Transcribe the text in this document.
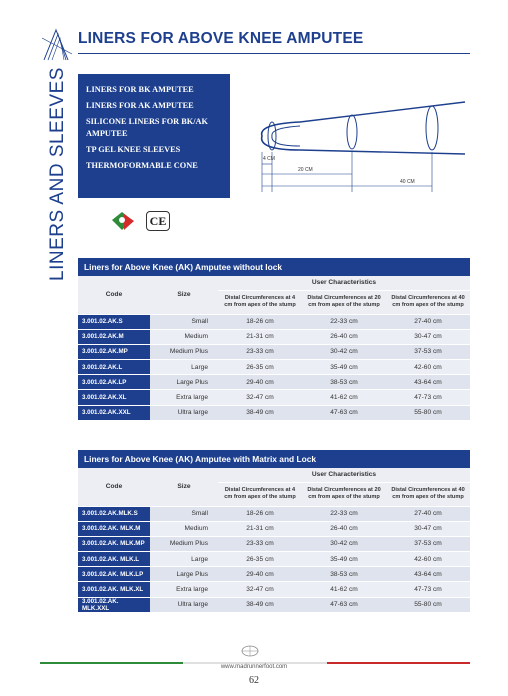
LINERS FOR ABOVE KNEE AMPUTEE
LINERS AND SLEEVES LINERS FOR BK AMPUTEE
LINERS FOR AK AMPUTEE
SILICONE LINERS FOR BK/AK AMPUTEE
TP GEL KNEE SLEEVES
THERMOFORMABLE CONE
4 CM
20 CM
40 CM
CE
Liners for Above Knee (AK) Amputee without lock
Code	Size	User Characteristics		
		Distal Circumferences at 4 cm from apex of the stump	Distal Circumferences at 20 cm from apex of the stump	Distal Circumferences at 40 cm from apex of the stump
3.001.02.AK.S	Small	18-26 cm	22-33 cm	27-40 cm
3.001.02.AK.M	Medium	21-31 cm	26-40 cm	30-47 cm
3.001.02.AK.MP	Medium Plus	23-33 cm	30-42 cm	37-53 cm
3.001.02.AK.L	Large	26-35 cm	35-49 cm	42-60 cm
3.001.02.AK.LP	Large Plus	29-40 cm	38-53 cm	43-64 cm
3.001.02.AK.XL	Extra large	32-47 cm	41-62 cm	47-73 cm
3.001.02.AK.XXL	Ultra large	38-49 cm	47-63 cm	55-80 cm
Liners for Above Knee (AK) Amputee with Matrix and Lock
Code	Size	User Characteristics		
		Distal Circumferences at 4 cm from apex of the stump	Distal Circumferences at 20 cm from apex of the stump	Distal Circumferences at 40 cm from apex of the stump
3.001.02.AK.MLK.S	Small	18-26 cm	22-33 cm	27-40 cm
3.001.02.AK. MLK.M	Medium	21-31 cm	26-40 cm	30-47 cm
3.001.02.AK. MLK.MP	Medium Plus	23-33 cm	30-42 cm	37-53 cm
3.001.02.AK. MLK.L	Large	26-35 cm	35-49 cm	42-60 cm
3.001.02.AK. MLK.LP	Large Plus	29-40 cm	38-53 cm	43-64 cm
3.001.02.AK. MLK.XL	Extra large	32-47 cm	41-62 cm	47-73 cm
3.001.02.AK. MLK.XXL	Ultra large	38-49 cm	47-63 cm	55-80 cm
www.madrunnerfoot.com
62
